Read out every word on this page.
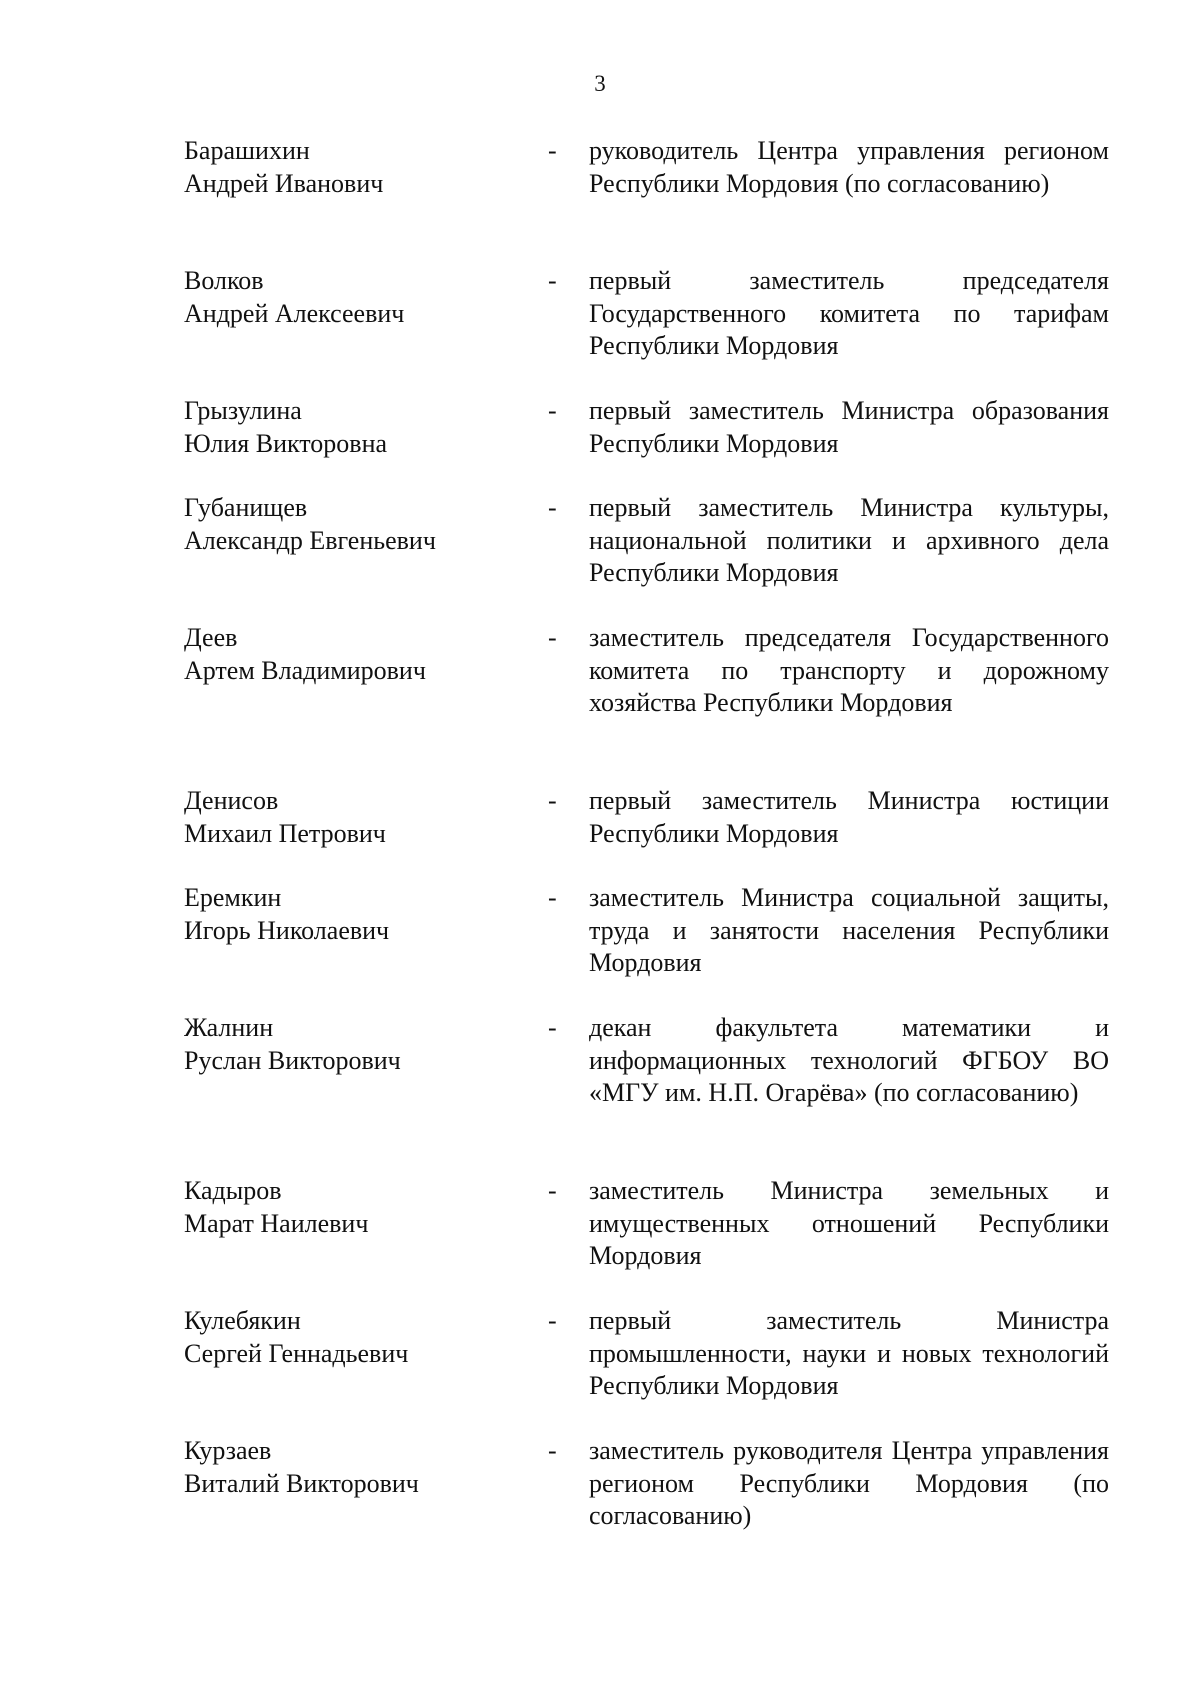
3
Барашихин
Андрей Иванович
- руководитель Центра управления регионом Республики Мордовия (по согласованию)
Волков
Андрей Алексеевич
- первый заместитель председателя Государственного комитета по тарифам Республики Мордовия
Грызулина
Юлия Викторовна
- первый заместитель Министра образования Республики Мордовия
Губанищев
Александр Евгеньевич
- первый заместитель Министра культуры, национальной политики и архивного дела Республики Мордовия
Деев
Артем Владимирович
- заместитель председателя Государственного комитета по транспорту и дорожному хозяйства Республики Мордовия
Денисов
Михаил Петрович
- первый заместитель Министра юстиции Республики Мордовия
Еремкин
Игорь Николаевич
- заместитель Министра социальной защиты, труда и занятости населения Республики Мордовия
Жалнин
Руслан Викторович
- декан факультета математики и информационных технологий ФГБОУ ВО «МГУ им. Н.П. Огарёва» (по согласованию)
Кадыров
Марат Наилевич
- заместитель Министра земельных и имущественных отношений Республики Мордовия
Кулебякин
Сергей Геннадьевич
- первый заместитель Министра промышленности, науки и новых технологий Республики Мордовия
Курзаев
Виталий Викторович
- заместитель руководителя Центра управления регионом Республики Мордовия (по согласованию)
